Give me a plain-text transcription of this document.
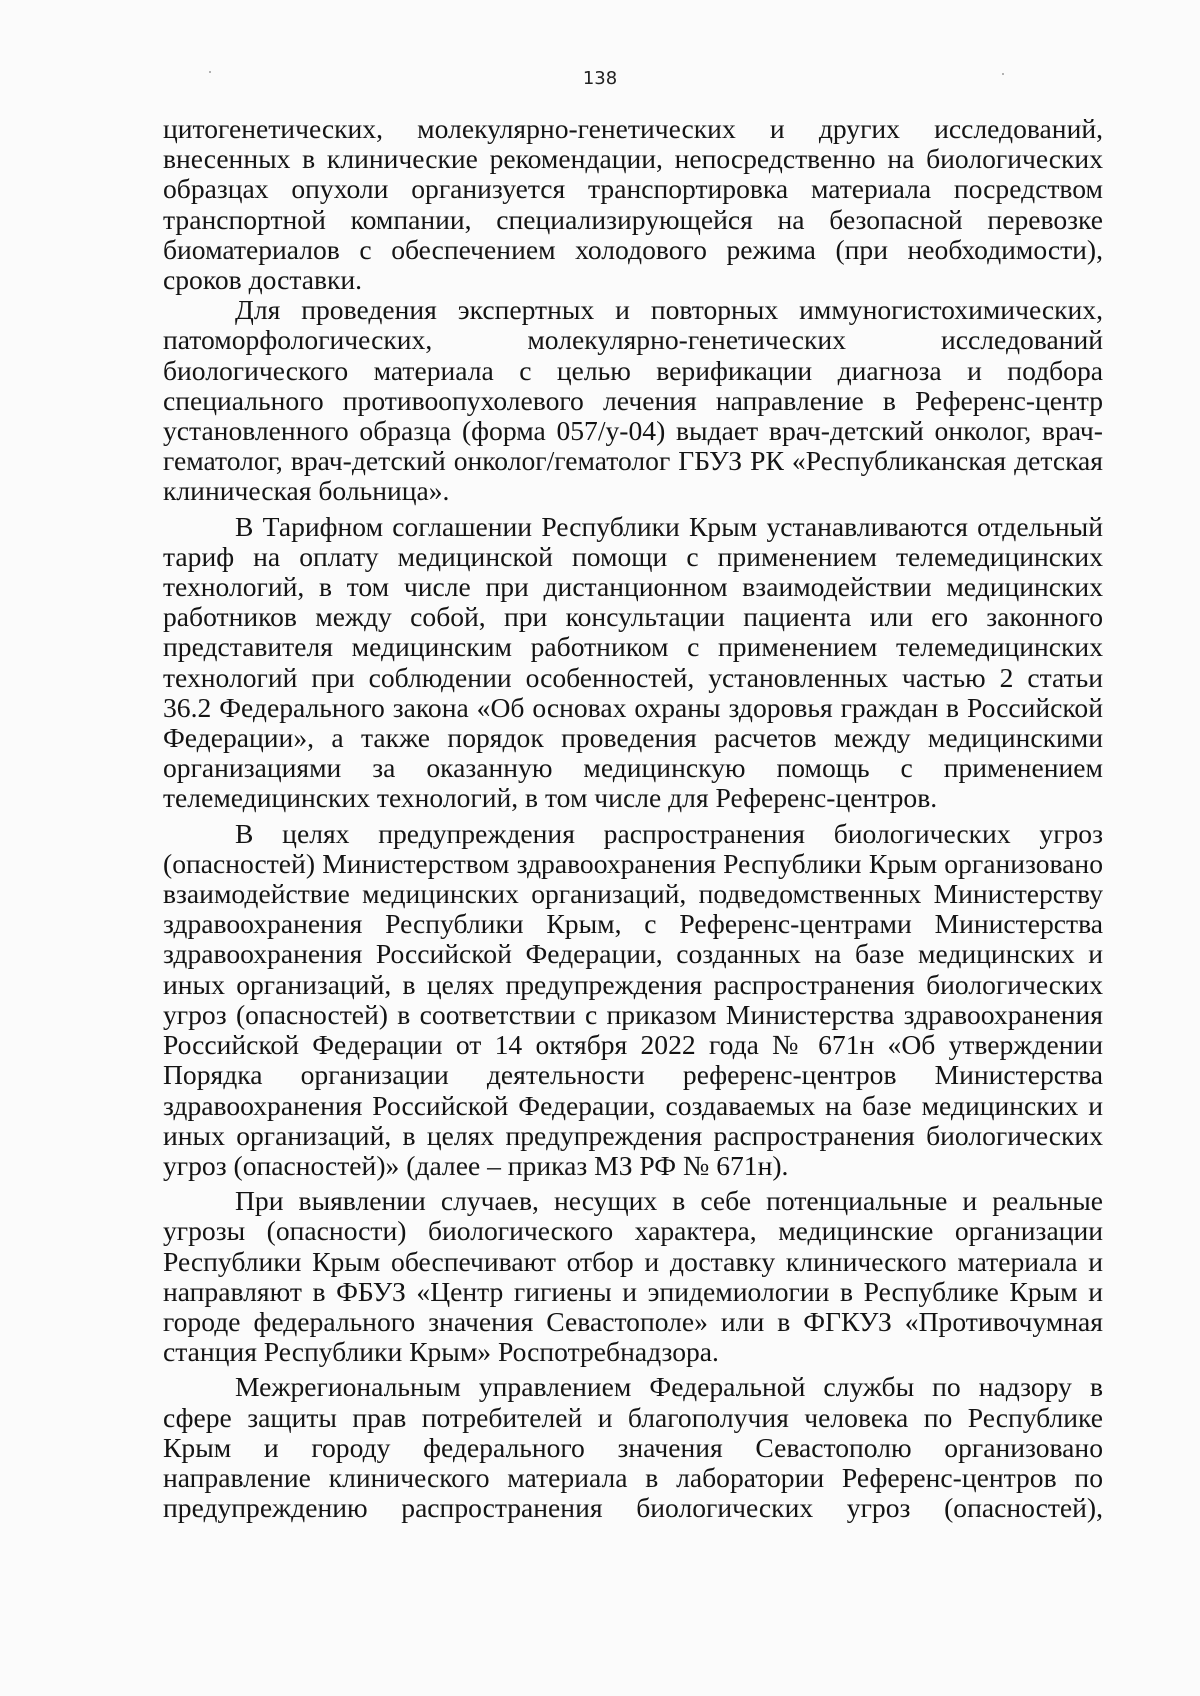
138

цитогенетических, молекулярно-генетических и других исследований, внесенных в клинические рекомендации, непосредственно на биологических образцах опухоли организуется транспортировка материала посредством транспортной компании, специализирующейся на безопасной перевозке биоматериалов с обеспечением холодового режима (при необходимости), сроков доставки.

Для проведения экспертных и повторных иммуногистохимических, патоморфологических, молекулярно-генетических исследований биологического материала с целью верификации диагноза и подбора специального противоопухолевого лечения направление в Референс-центр установленного образца (форма 057/у-04) выдает врач-детский онколог, врач-гематолог, врач-детский онколог/гематолог ГБУЗ РК «Республиканская детская клиническая больница».

В Тарифном соглашении Республики Крым устанавливаются отдельный тариф на оплату медицинской помощи с применением телемедицинских технологий, в том числе при дистанционном взаимодействии медицинских работников между собой, при консультации пациента или его законного представителя медицинским работником с применением телемедицинских технологий при соблюдении особенностей, установленных частью 2 статьи 36.2 Федерального закона «Об основах охраны здоровья граждан в Российской Федерации», а также порядок проведения расчетов между медицинскими организациями за оказанную медицинскую помощь с применением телемедицинских технологий, в том числе для Референс-центров.

В целях предупреждения распространения биологических угроз (опасностей) Министерством здравоохранения Республики Крым организовано взаимодействие медицинских организаций, подведомственных Министерству здравоохранения Республики Крым, с Референс-центрами Министерства здравоохранения Российской Федерации, созданных на базе медицинских и иных организаций, в целях предупреждения распространения биологических угроз (опасностей) в соответствии с приказом Министерства здравоохранения Российской Федерации от 14 октября 2022 года № 671н «Об утверждении Порядка организации деятельности референс-центров Министерства здравоохранения Российской Федерации, создаваемых на базе медицинских и иных организаций, в целях предупреждения распространения биологических угроз (опасностей)» (далее – приказ МЗ РФ № 671н).

При выявлении случаев, несущих в себе потенциальные и реальные угрозы (опасности) биологического характера, медицинские организации Республики Крым обеспечивают отбор и доставку клинического материала и направляют в ФБУЗ «Центр гигиены и эпидемиологии в Республике Крым и городе федерального значения Севастополе» или в ФГКУЗ «Противочумная станция Республики Крым» Роспотребнадзора.

Межрегиональным управлением Федеральной службы по надзору в сфере защиты прав потребителей и благополучия человека по Республике Крым и городу федерального значения Севастополю организовано направление клинического материала в лаборатории Референс-центров по предупреждению распространения биологических угроз (опасностей),
